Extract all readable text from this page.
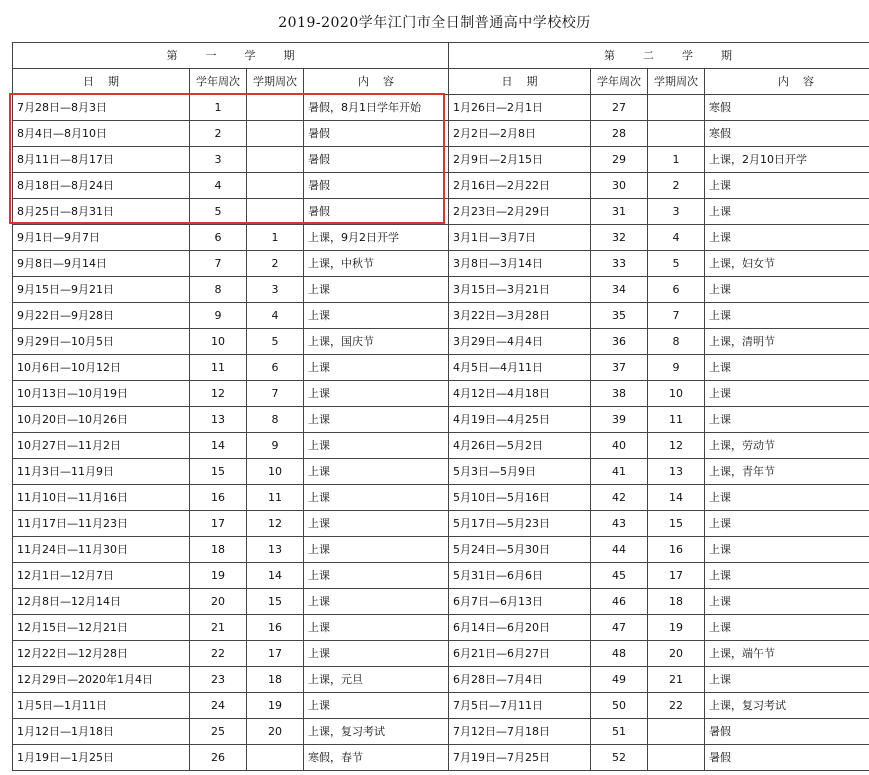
2019-2020学年江门市全日制普通高中学校校历
第一学期				第二学期			
日期	学年周次	学期周次	内容	日期	学年周次	学期周次	内容
7月28日—8月3日	1		暑假，8月1日学年开始	1月26日—2月1日	27		寒假
8月4日—8月10日	2		暑假	2月2日—2月8日	28		寒假
8月11日—8月17日	3		暑假	2月9日—2月15日	29	1	上课，2月10日开学
8月18日—8月24日	4		暑假	2月16日—2月22日	30	2	上课
8月25日—8月31日	5		暑假	2月23日—2月29日	31	3	上课
9月1日—9月7日	6	1	上课，9月2日开学	3月1日—3月7日	32	4	上课
9月8日—9月14日	7	2	上课，中秋节	3月8日—3月14日	33	5	上课，妇女节
9月15日—9月21日	8	3	上课	3月15日—3月21日	34	6	上课
9月22日—9月28日	9	4	上课	3月22日—3月28日	35	7	上课
9月29日—10月5日	10	5	上课，国庆节	3月29日—4月4日	36	8	上课，清明节
10月6日—10月12日	11	6	上课	4月5日—4月11日	37	9	上课
10月13日—10月19日	12	7	上课	4月12日—4月18日	38	10	上课
10月20日—10月26日	13	8	上课	4月19日—4月25日	39	11	上课
10月27日—11月2日	14	9	上课	4月26日—5月2日	40	12	上课，劳动节
11月3日—11月9日	15	10	上课	5月3日—5月9日	41	13	上课，青年节
11月10日—11月16日	16	11	上课	5月10日—5月16日	42	14	上课
11月17日—11月23日	17	12	上课	5月17日—5月23日	43	15	上课
11月24日—11月30日	18	13	上课	5月24日—5月30日	44	16	上课
12月1日—12月7日	19	14	上课	5月31日—6月6日	45	17	上课
12月8日—12月14日	20	15	上课	6月7日—6月13日	46	18	上课
12月15日—12月21日	21	16	上课	6月14日—6月20日	47	19	上课
12月22日—12月28日	22	17	上课	6月21日—6月27日	48	20	上课，端午节
12月29日—2020年1月4日	23	18	上课，元旦	6月28日—7月4日	49	21	上课
1月5日—1月11日	24	19	上课	7月5日—7月11日	50	22	上课，复习考试
1月12日—1月18日	25	20	上课，复习考试	7月12日—7月18日	51		暑假
1月19日—1月25日	26		寒假，春节	7月19日—7月25日	52		暑假
